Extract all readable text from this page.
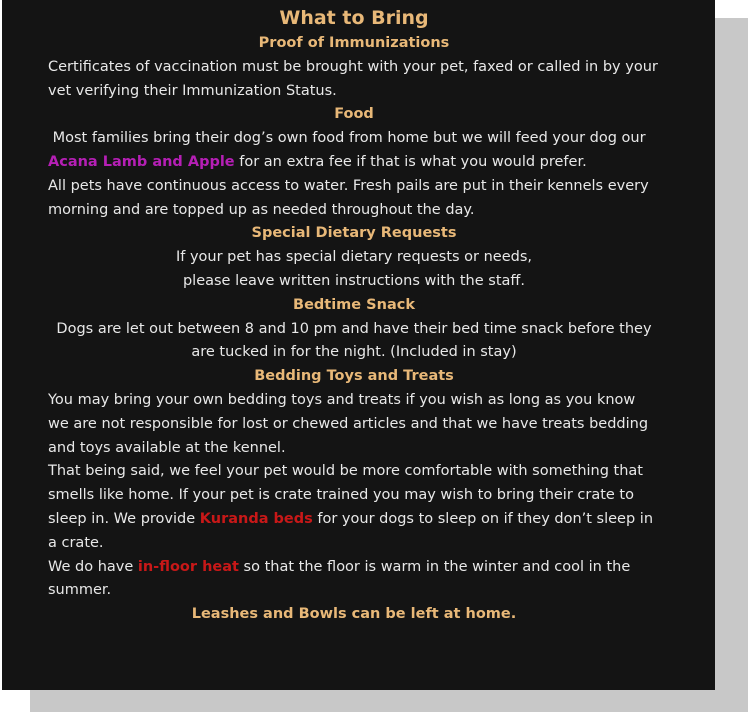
What to Bring
Proof of Immunizations

Certificates of vaccination must be brought with your pet, faxed or called in by your vet verifying their Immunization Status.

Food

Most families bring their dog’s own food from home but we will feed your dog our Acana Lamb and Apple for an extra fee if that is what you would prefer.

All pets have continuous access to water. Fresh pails are put in their kennels every morning and are topped up as needed throughout the day.

Special Dietary Requests

If your pet has special dietary requests or needs,

please leave written instructions with the staff.

Bedtime Snack

Dogs are let out between 8 and 10 pm and have their bed time snack before they are tucked in for the night. (Included in stay)

Bedding Toys and Treats

You may bring your own bedding toys and treats if you wish as long as you know we are not responsible for lost or chewed articles and that we have treats bedding and toys available at the kennel.

That being said, we feel your pet would be more comfortable with something that smells like home. If your pet is crate trained you may wish to bring their crate to sleep in. We provide Kuranda beds for your dogs to sleep on if they don’t sleep in a crate.

We do have in-floor heat so that the floor is warm in the winter and cool in the summer.

Leashes and Bowls can be left at home.
